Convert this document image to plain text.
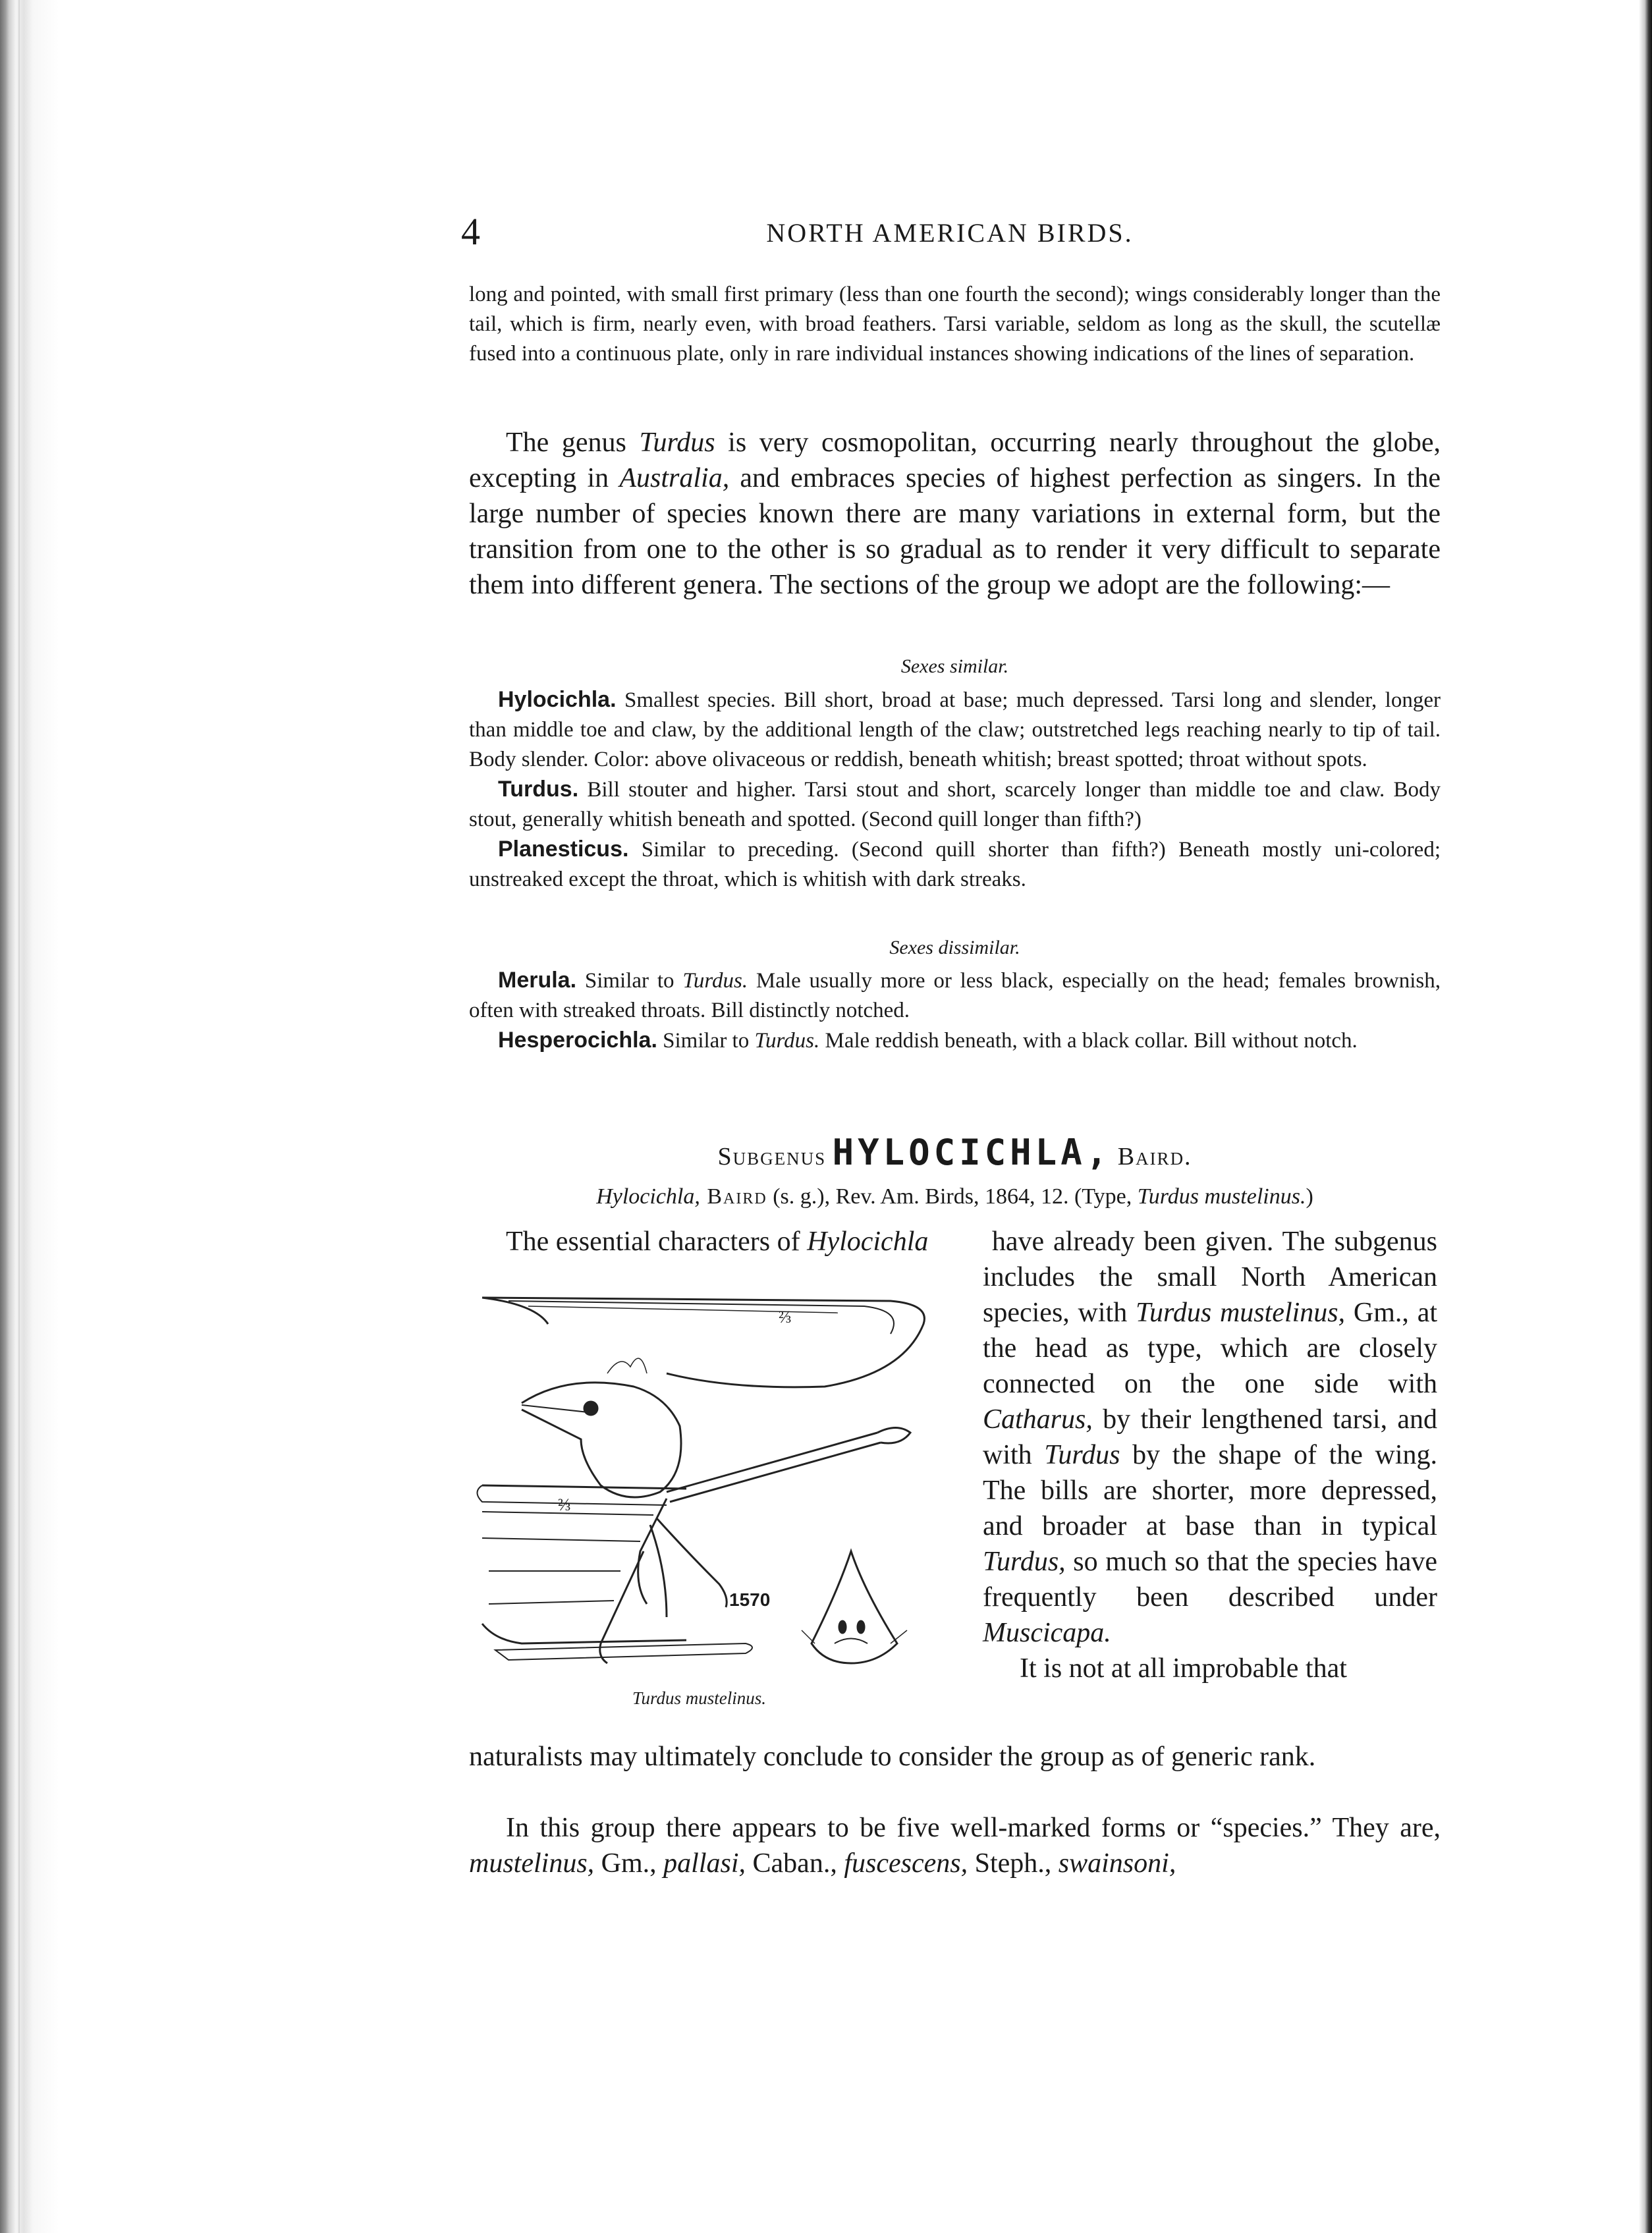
4	NORTH AMERICAN BIRDS.

long and pointed, with small first primary (less than one fourth the second); wings considerably longer than the tail, which is firm, nearly even, with broad feathers. Tarsi variable, seldom as long as the skull, the scutellæ fused into a continuous plate, only in rare individual instances showing indications of the lines of separation.

The genus Turdus is very cosmopolitan, occurring nearly throughout the globe, excepting in Australia, and embraces species of highest perfection as singers. In the large number of species known there are many variations in external form, but the transition from one to the other is so gradual as to render it very difficult to separate them into different genera. The sections of the group we adopt are the following:—

Sexes similar.

Hylocichla. Smallest species. Bill short, broad at base; much depressed. Tarsi long and slender, longer than middle toe and claw, by the additional length of the claw; outstretched legs reaching nearly to tip of tail. Body slender. Color: above olivaceous or reddish, beneath whitish; breast spotted; throat without spots.

Turdus. Bill stouter and higher. Tarsi stout and short, scarcely longer than middle toe and claw. Body stout, generally whitish beneath and spotted. (Second quill longer than fifth?)

Planesticus. Similar to preceding. (Second quill shorter than fifth?) Beneath mostly uni-colored; unstreaked except the throat, which is whitish with dark streaks.

Sexes dissimilar.

Merula. Similar to Turdus. Male usually more or less black, especially on the head; females brownish, often with streaked throats. Bill distinctly notched.

Hesperocichla. Similar to Turdus. Male reddish beneath, with a black collar. Bill without notch.

Subgenus HYLOCICHLA, Baird.
Hylocichla, Baird (s. g.), Rev. Am. Birds, 1864, 12. (Type, Turdus mustelinus.)

The essential characters of Hylocichla

⅔
⅔
1570
Turdus mustelinus.

have already been given. The subgenus includes the small North American species, with Turdus mustelinus, Gm., at the head as type, which are closely connected on the one side with Catharus, by their lengthened tarsi, and with Turdus by the shape of the wing. The bills are shorter, more depressed, and broader at base than in typical Turdus, so much so that the species have frequently been described under Muscicapa.

It is not at all improbable that

naturalists may ultimately conclude to consider the group as of generic rank.

In this group there appears to be five well-marked forms or “species.” They are, mustelinus, Gm., pallasi, Caban., fuscescens, Steph., swainsoni,
